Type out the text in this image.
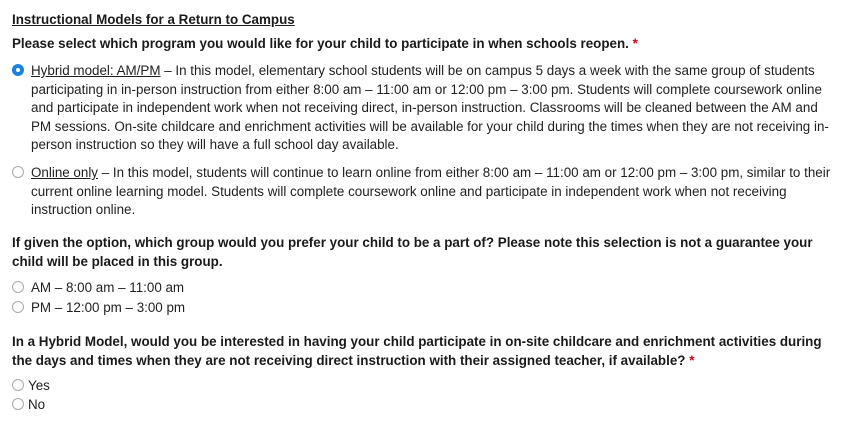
Instructional Models for a Return to Campus
Please select which program you would like for your child to participate in when schools reopen. *
Hybrid model: AM/PM – In this model, elementary school students will be on campus 5 days a week with the same group of students participating in in-person instruction from either 8:00 am – 11:00 am or 12:00 pm – 3:00 pm. Students will complete coursework online and participate in independent work when not receiving direct, in-person instruction. Classrooms will be cleaned between the AM and PM sessions. On-site childcare and enrichment activities will be available for your child during the times when they are not receiving in-person instruction so they will have a full school day available.
Online only – In this model, students will continue to learn online from either 8:00 am – 11:00 am or 12:00 pm – 3:00 pm, similar to their current online learning model. Students will complete coursework online and participate in independent work when not receiving instruction online.
If given the option, which group would you prefer your child to be a part of? Please note this selection is not a guarantee your child will be placed in this group.
AM – 8:00 am – 11:00 am
PM – 12:00 pm – 3:00 pm
In a Hybrid Model, would you be interested in having your child participate in on-site childcare and enrichment activities during the days and times when they are not receiving direct instruction with their assigned teacher, if available? *
Yes
No
